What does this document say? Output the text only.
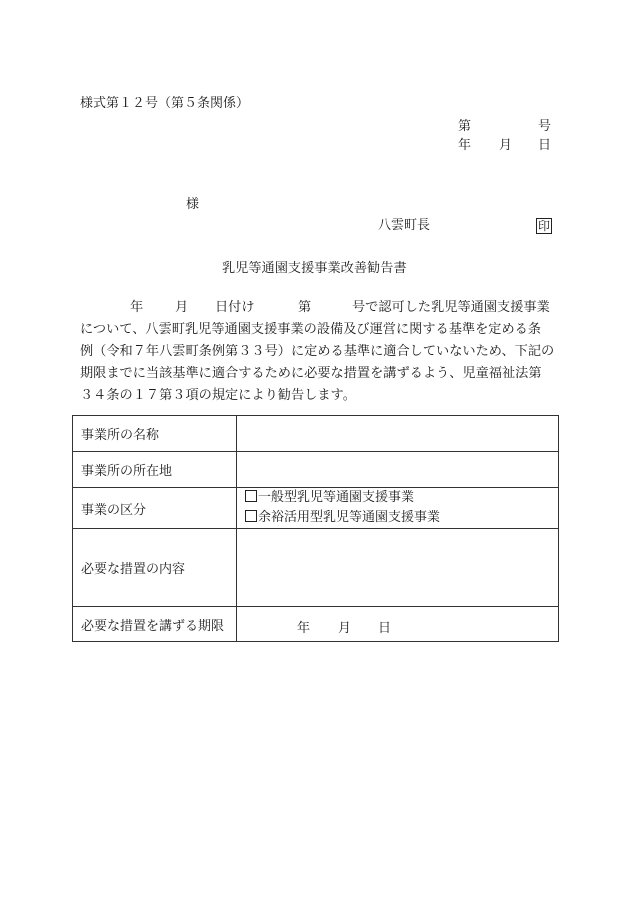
様式第１２号（第５条関係）
第	号
年 月 日
様
八雲町長	印
乳児等通園支援事業改善勧告書
年 月 日付け	第	号で認可した乳児等通園支援事業
について、八雲町乳児等通園支援事業の設備及び運営に関する基準を定める条
例（令和７年八雲町条例第３３号）に定める基準に適合していないため、下記の
期限までに当該基準に適合するために必要な措置を講ずるよう、児童福祉法第
３４条の１７第３項の規定により勧告します。
事業所の名称	
事業所の所在地	
事業の区分	一般型乳児等通園支援事業
余裕活用型乳児等通園支援事業

必要な措置の内容	
必要な措置を講ずる期限	年 月 日
